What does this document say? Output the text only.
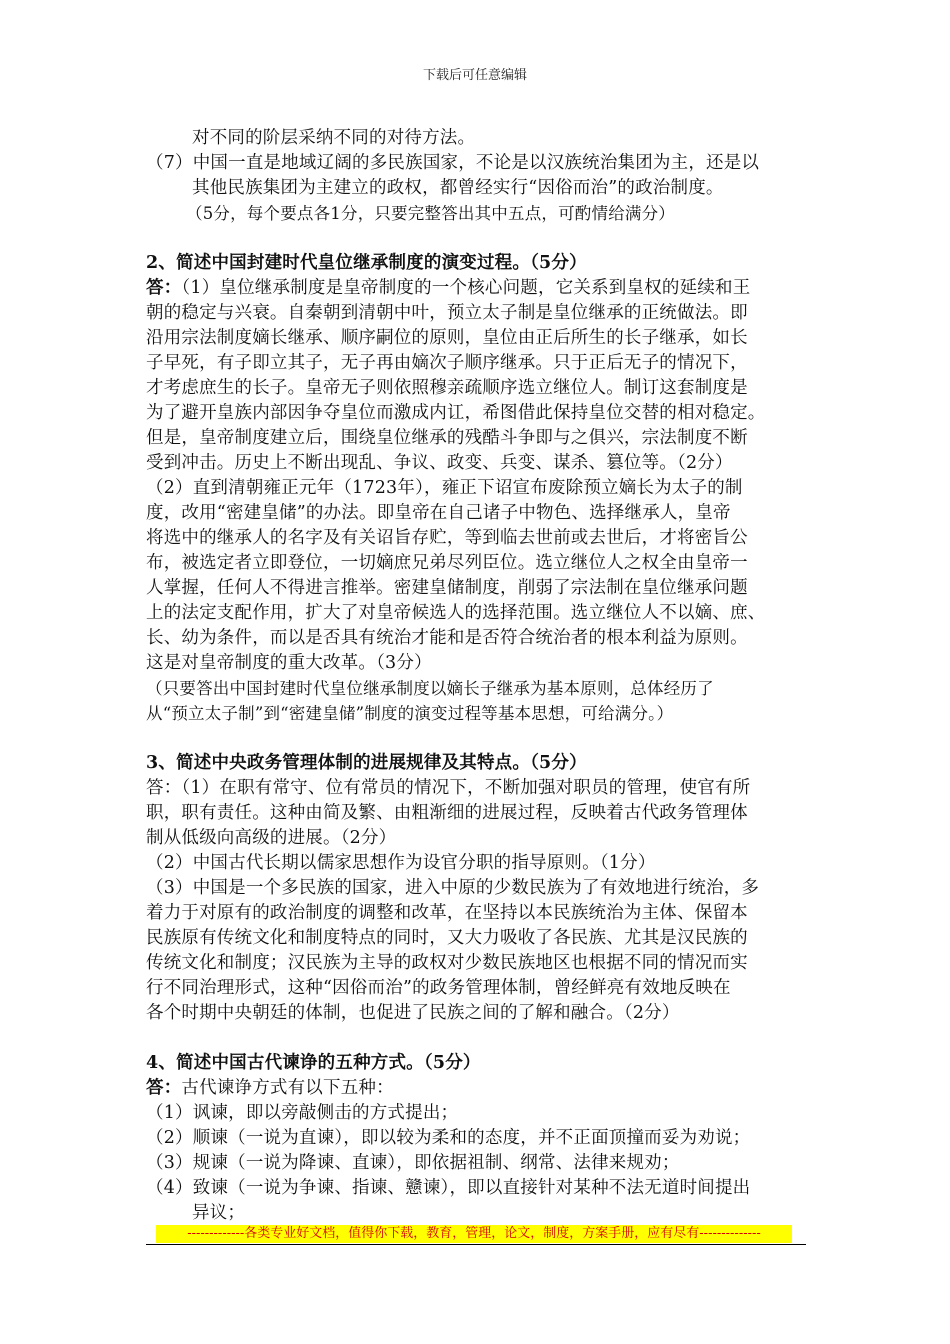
下载后可任意编辑
对不同的阶层采纳不同的对待方法。
（7）中国一直是地域辽阔的多民族国家，不论是以汉族统治集团为主，还是以
其他民族集团为主建立的政权，都曾经实行“因俗而治”的政治制度。
（5分，每个要点各1分，只要完整答出其中五点，可酌情给满分）
2、简述中国封建时代皇位继承制度的演变过程。（5分）
答：（1）皇位继承制度是皇帝制度的一个核心问题，它关系到皇权的延续和王
朝的稳定与兴衰。自秦朝到清朝中叶，预立太子制是皇位继承的正统做法。即
沿用宗法制度嫡长继承、顺序嗣位的原则，皇位由正后所生的长子继承，如长
子早死，有子即立其子，无子再由嫡次子顺序继承。只于正后无子的情况下，
才考虑庶生的长子。皇帝无子则依照穆亲疏顺序选立继位人。制订这套制度是
为了避开皇族内部因争夺皇位而激成内讧，希图借此保持皇位交替的相对稳定。
但是，皇帝制度建立后，围绕皇位继承的残酷斗争即与之俱兴，宗法制度不断
受到冲击。历史上不断出现乱、争议、政变、兵变、谋杀、篡位等。（2分）
（2）直到清朝雍正元年（1723年），雍正下诏宣布废除预立嫡长为太子的制
度，改用“密建皇储”的办法。即皇帝在自己诸子中物色、选择继承人，皇帝
将选中的继承人的名字及有关诏旨存贮，等到临去世前或去世后，才将密旨公
布，被选定者立即登位，一切嫡庶兄弟尽列臣位。选立继位人之权全由皇帝一
人掌握，任何人不得进言推举。密建皇储制度，削弱了宗法制在皇位继承问题
上的法定支配作用，扩大了对皇帝候选人的选择范围。选立继位人不以嫡、庶、
长、幼为条件，而以是否具有统治才能和是否符合统治者的根本利益为原则。
这是对皇帝制度的重大改革。（3分）
（只要答出中国封建时代皇位继承制度以嫡长子继承为基本原则，总体经历了
从“预立太子制”到“密建皇储”制度的演变过程等基本思想，可给满分。）
3、简述中央政务管理体制的进展规律及其特点。（5分）
答：（1）在职有常守、位有常员的情况下，不断加强对职员的管理，使官有所
职，职有责任。这种由简及繁、由粗渐细的进展过程，反映着古代政务管理体
制从低级向高级的进展。（2分）
（2）中国古代长期以儒家思想作为设官分职的指导原则。（1分）
（3）中国是一个多民族的国家，进入中原的少数民族为了有效地进行统治，多
着力于对原有的政治制度的调整和改革，在坚持以本民族统治为主体、保留本
民族原有传统文化和制度特点的同时，又大力吸收了各民族、尤其是汉民族的
传统文化和制度；汉民族为主导的政权对少数民族地区也根据不同的情况而实
行不同治理形式，这种“因俗而治”的政务管理体制，曾经鲜亮有效地反映在
各个时期中央朝廷的体制，也促进了民族之间的了解和融合。（2分）
4、简述中国古代谏诤的五种方式。（5分）
答：古代谏诤方式有以下五种：
（1）讽谏，即以旁敲侧击的方式提出；
（2）顺谏（一说为直谏），即以较为柔和的态度，并不正面顶撞而妥为劝说；
（3）规谏（一说为降谏、直谏），即依据祖制、纲常、法律来规劝；
（4）致谏（一说为争谏、指谏、戆谏），即以直接针对某种不法无道时间提出
异议；
-------------各类专业好文档，值得你下载，教育，管理，论文，制度，方案手册，应有尽有--------------
